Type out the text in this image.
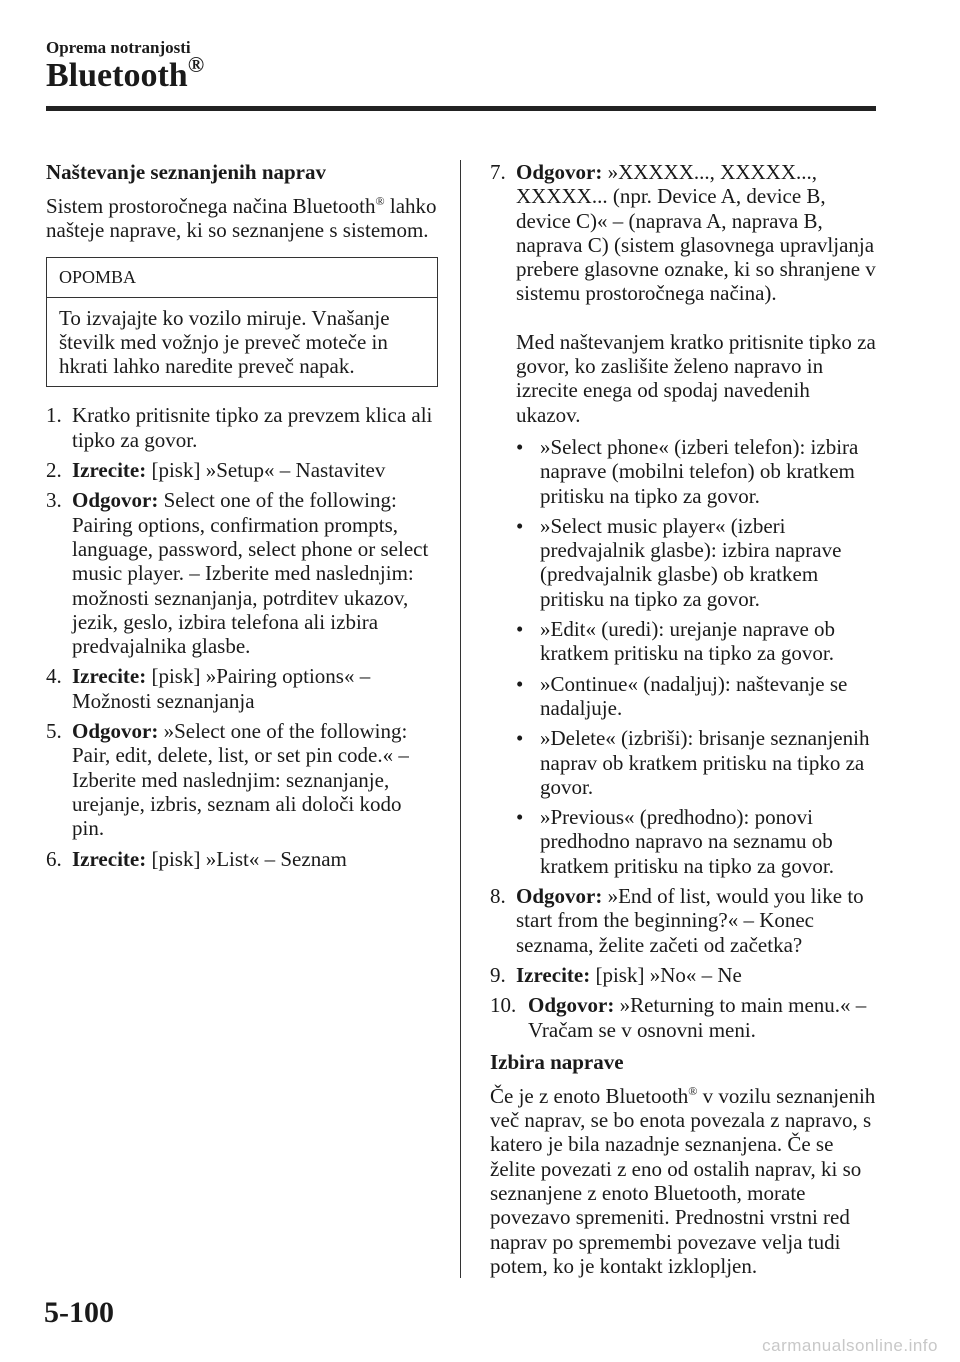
Oprema notranjosti
Bluetooth®
Naštevanje seznanjenih naprav

Sistem prostoročnega načina Bluetooth® lahko našteje naprave, ki so seznanjene s sistemom.

OPOMBA
To izvajajte ko vozilo miruje. Vnašanje številk med vožnjo je preveč moteče in hkrati lahko naredite preveč napak.
1. Kratko pritisnite tipko za prevzem klica ali tipko za govor.
2. Izrecite: [pisk] »Setup« – Nastavitev
3. Odgovor: Select one of the following: Pairing options, confirmation prompts, language, password, select phone or select music player. – Izberite med naslednjim: možnosti seznanjanja, potrditev ukazov, jezik, geslo, izbira telefona ali izbira predvajalnika glasbe.
4. Izrecite: [pisk] »Pairing options« – Možnosti seznanjanja
5. Odgovor: »Select one of the following: Pair, edit, delete, list, or set pin code.« – Izberite med naslednjim: seznanjanje, urejanje, izbris, seznam ali določi kodo pin.
6. Izrecite: [pisk] »List« – Seznam
7. Odgovor: »XXXXX..., XXXXX..., XXXXX... (npr. Device A, device B, device C)« – (naprava A, naprava B, naprava C) (sistem glasovnega upravljanja prebere glasovne oznake, ki so shranjene v sistemu prostoročnega načina).

Med naštevanjem kratko pritisnite tipko za govor, ko zaslišite želeno napravo in izrecite enega od spodaj navedenih ukazov.

• »Select phone« (izberi telefon): izbira naprave (mobilni telefon) ob kratkem pritisku na tipko za govor.
• »Select music player« (izberi predvajalnik glasbe): izbira naprave (predvajalnik glasbe) ob kratkem pritisku na tipko za govor.
• »Edit« (uredi): urejanje naprave ob kratkem pritisku na tipko za govor.
• »Continue« (nadaljuj): naštevanje se nadaljuje.
• »Delete« (izbriši): brisanje seznanjenih naprav ob kratkem pritisku na tipko za govor.
• »Previous« (predhodno): ponovi predhodno napravo na seznamu ob kratkem pritisku na tipko za govor.
8. Odgovor: »End of list, would you like to start from the beginning?« – Konec seznama, želite začeti od začetka?
9. Izrecite: [pisk] »No« – Ne
10. Odgovor: »Returning to main menu.« – Vračam se v osnovni meni.
Izbira naprave

Če je z enoto Bluetooth® v vozilu seznanjenih več naprav, se bo enota povezala z napravo, s katero je bila nazadnje seznanjena. Če se želite povezati z eno od ostalih naprav, ki so seznanjene z enoto Bluetooth, morate povezavo spremeniti. Prednostni vrstni red naprav po spremembi povezave velja tudi potem, ko je kontakt izklopljen.

5-100
carmanualsonline.info
